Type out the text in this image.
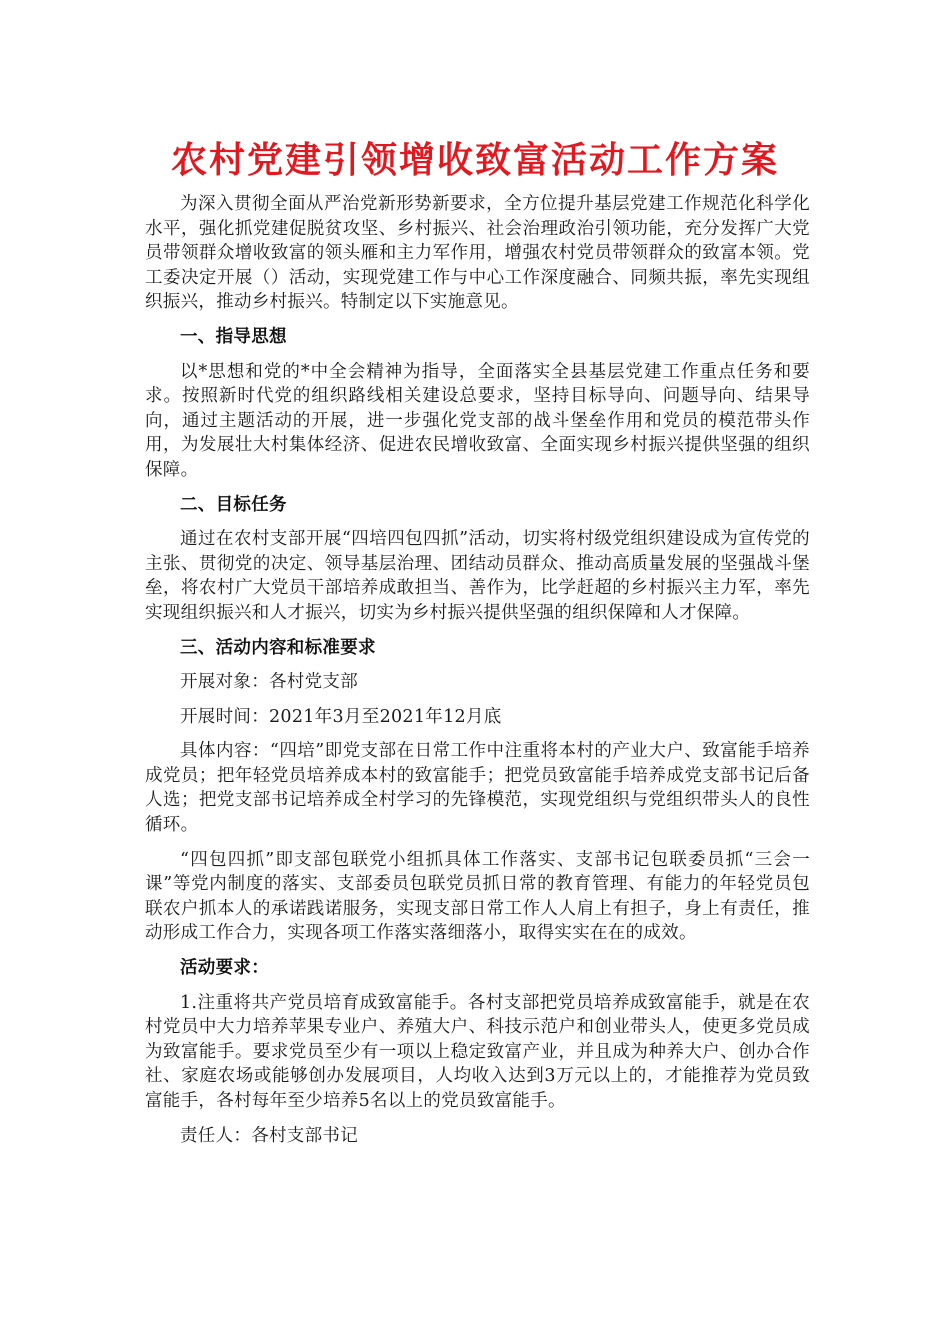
农村党建引领增收致富活动工作方案

为深入贯彻全面从严治党新形势新要求，全方位提升基层党建工作规范化科学化水平，强化抓党建促脱贫攻坚、乡村振兴、社会治理政治引领功能，充分发挥广大党员带领群众增收致富的领头雁和主力军作用，增强农村党员带领群众的致富本领。党工委决定开展（）活动，实现党建工作与中心工作深度融合、同频共振，率先实现组织振兴，推动乡村振兴。特制定以下实施意见。

一、指导思想

以*思想和党的*中全会精神为指导，全面落实全县基层党建工作重点任务和要求。按照新时代党的组织路线相关建设总要求，坚持目标导向、问题导向、结果导向，通过主题活动的开展，进一步强化党支部的战斗堡垒作用和党员的模范带头作用，为发展壮大村集体经济、促进农民增收致富、全面实现乡村振兴提供坚强的组织保障。

二、目标任务

通过在农村支部开展“四培四包四抓”活动，切实将村级党组织建设成为宣传党的主张、贯彻党的决定、领导基层治理、团结动员群众、推动高质量发展的坚强战斗堡垒，将农村广大党员干部培养成敢担当、善作为，比学赶超的乡村振兴主力军，率先实现组织振兴和人才振兴，切实为乡村振兴提供坚强的组织保障和人才保障。

三、活动内容和标准要求

开展对象：各村党支部

开展时间：2021年3月至2021年12月底

具体内容：“四培”即党支部在日常工作中注重将本村的产业大户、致富能手培养成党员；把年轻党员培养成本村的致富能手；把党员致富能手培养成党支部书记后备人选；把党支部书记培养成全村学习的先锋模范，实现党组织与党组织带头人的良性循环。

“四包四抓”即支部包联党小组抓具体工作落实、支部书记包联委员抓“三会一课”等党内制度的落实、支部委员包联党员抓日常的教育管理、有能力的年轻党员包联农户抓本人的承诺践诺服务，实现支部日常工作人人肩上有担子，身上有责任，推动形成工作合力，实现各项工作落实落细落小，取得实实在在的成效。

活动要求：

1.注重将共产党员培育成致富能手。各村支部把党员培养成致富能手，就是在农村党员中大力培养苹果专业户、养殖大户、科技示范户和创业带头人，使更多党员成为致富能手。要求党员至少有一项以上稳定致富产业，并且成为种养大户、创办合作社、家庭农场或能够创办发展项目，人均收入达到3万元以上的，才能推荐为党员致富能手，各村每年至少培养5名以上的党员致富能手。

责任人：各村支部书记
